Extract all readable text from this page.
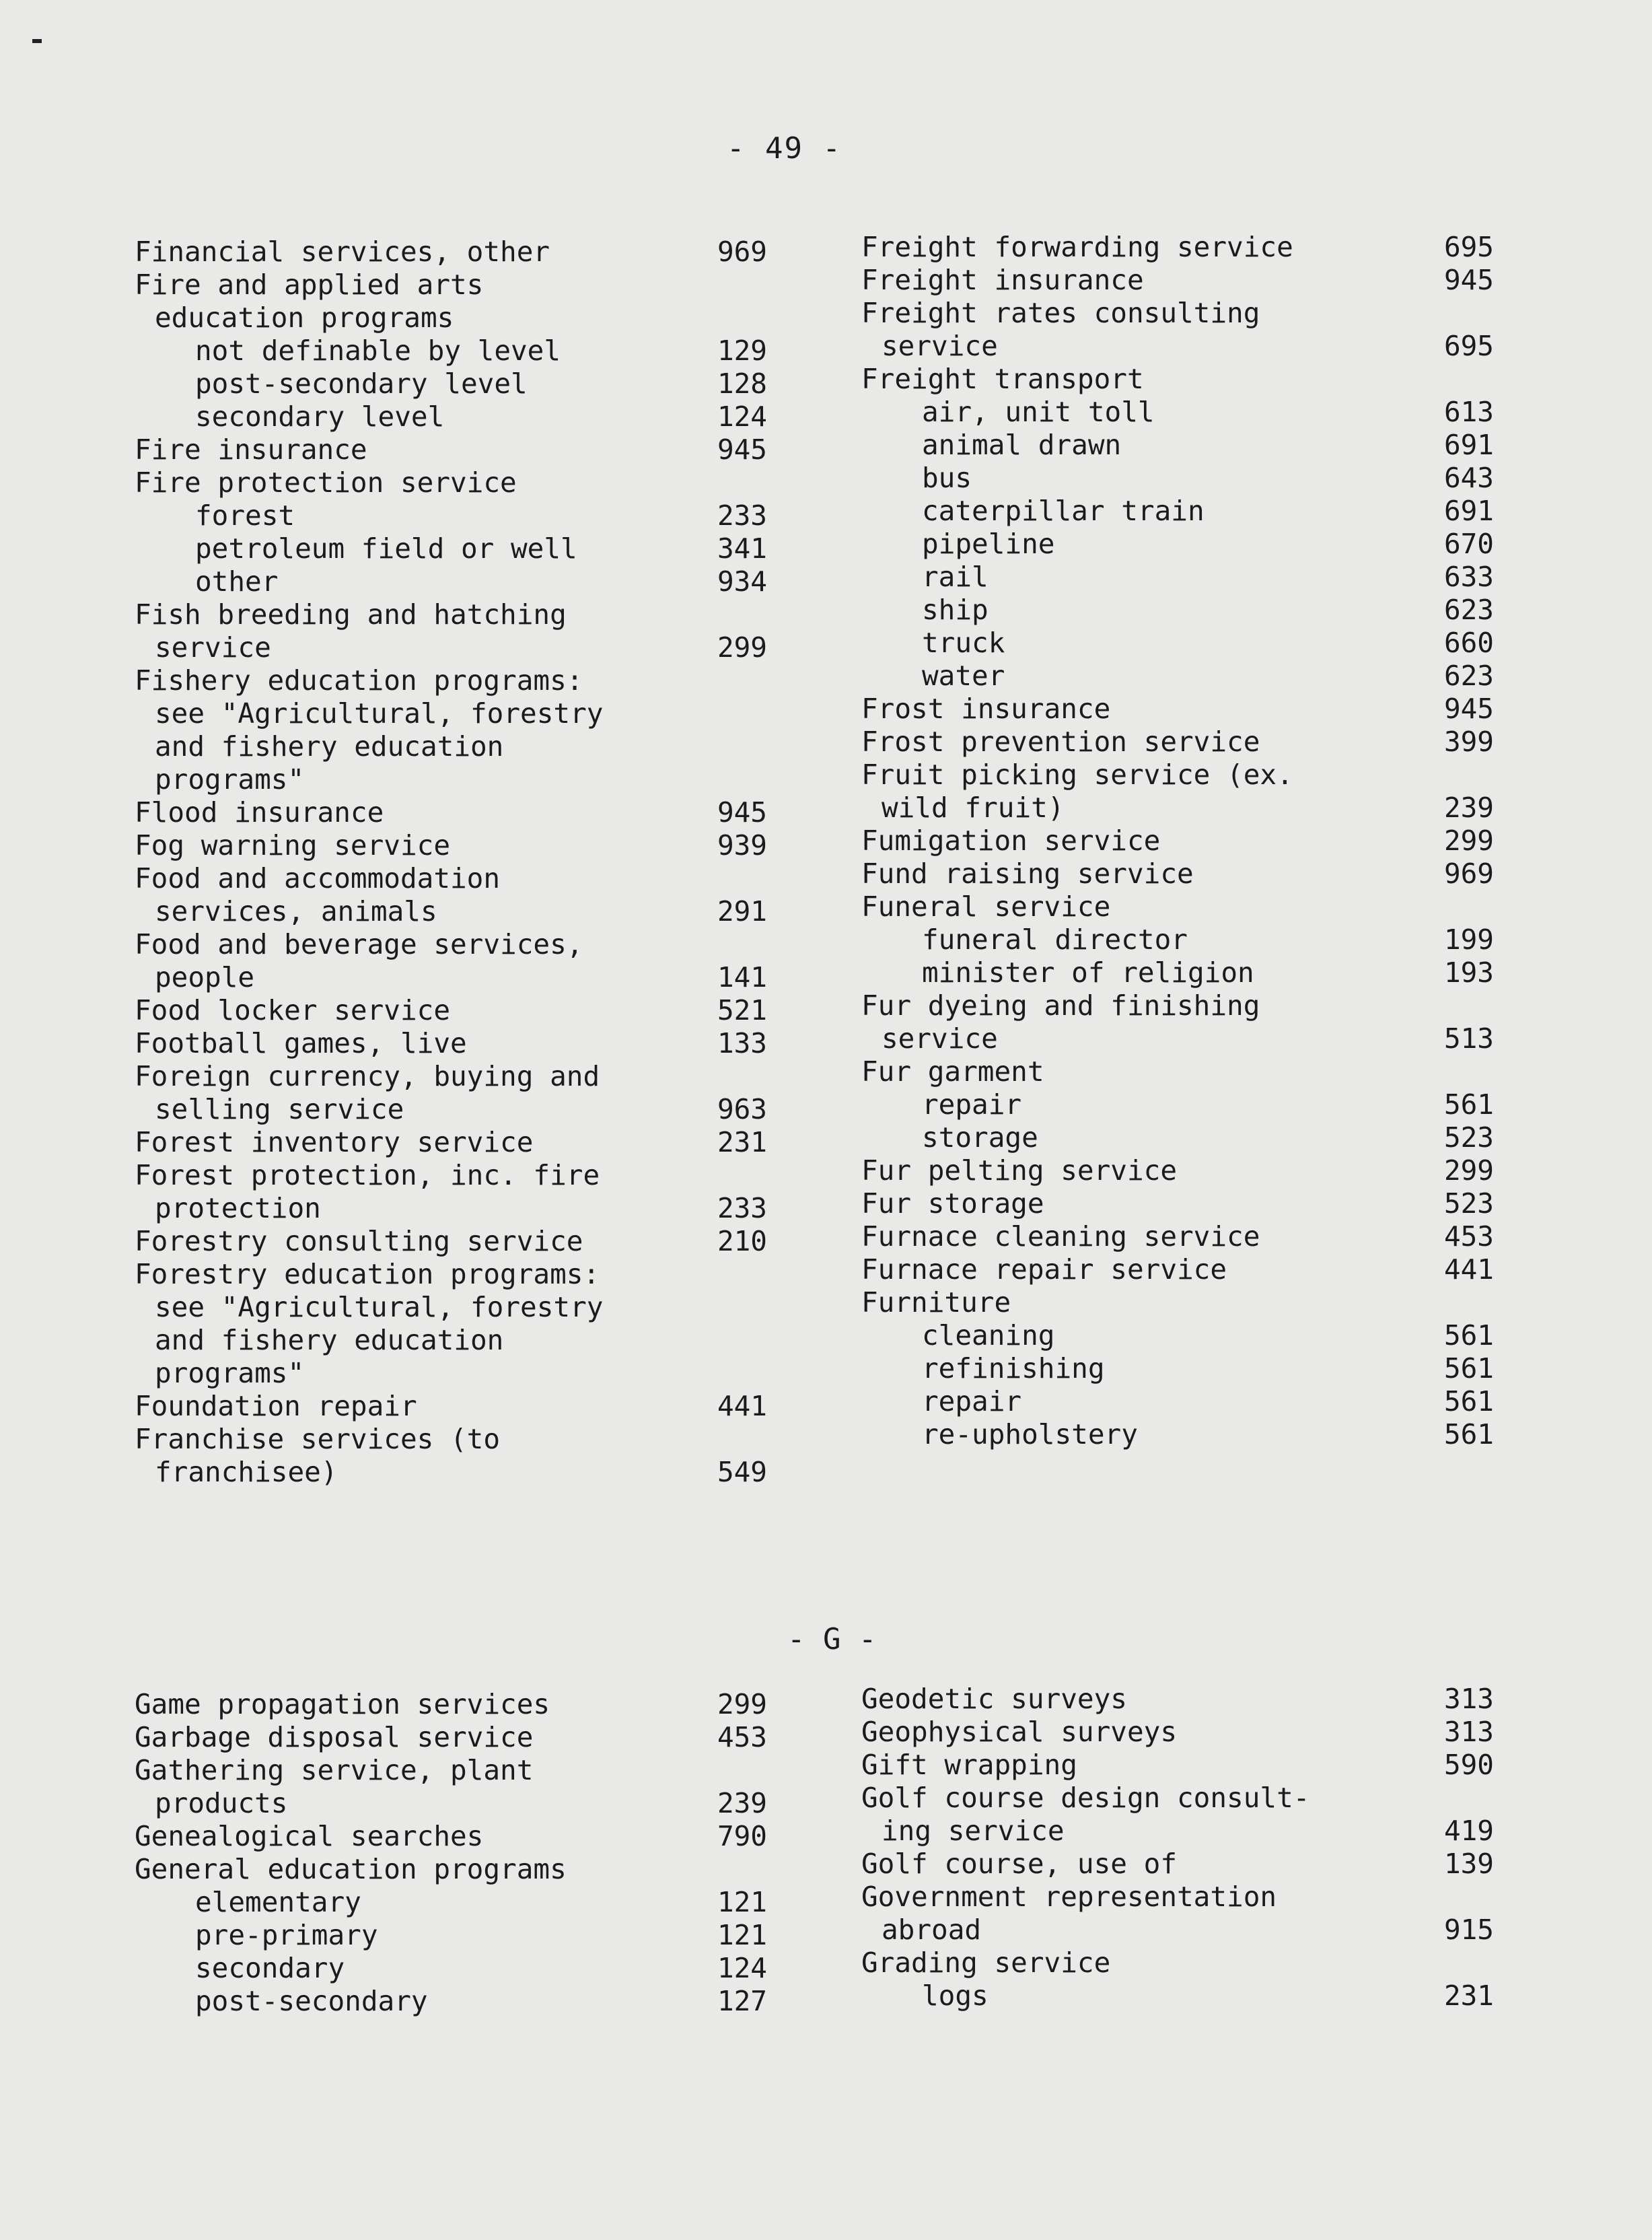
- 49 -
Financial services, other	969
Fire and applied arts
education programs
not definable by level	129
post-secondary level	128
secondary level	124
Fire insurance	945
Fire protection service
forest	233
petroleum field or well	341
other	934
Fish breeding and hatching
service	299
Fishery education programs:
see "Agricultural, forestry
and fishery education
programs"
Flood insurance	945
Fog warning service	939
Food and accommodation
services, animals	291
Food and beverage services,
people	141
Food locker service	521
Football games, live	133
Foreign currency, buying and
selling service	963
Forest inventory service	231
Forest protection, inc. fire
protection	233
Forestry consulting service	210
Forestry education programs:
see "Agricultural, forestry
and fishery education
programs"
Foundation repair	441
Franchise services (to
franchisee)	549
Freight forwarding service	695
Freight insurance	945
Freight rates consulting
service	695
Freight transport
air, unit toll	613
animal drawn	691
bus	643
caterpillar train	691
pipeline	670
rail	633
ship	623
truck	660
water	623
Frost insurance	945
Frost prevention service	399
Fruit picking service (ex.
wild fruit)	239
Fumigation service	299
Fund raising service	969
Funeral service
funeral director	199
minister of religion	193
Fur dyeing and finishing
service	513
Fur garment
repair	561
storage	523
Fur pelting service	299
Fur storage	523
Furnace cleaning service	453
Furnace repair service	441
Furniture
cleaning	561
refinishing	561
repair	561
re-upholstery	561
- G -
Game propagation services	299
Garbage disposal service	453
Gathering service, plant
products	239
Genealogical searches	790
General education programs
elementary	121
pre-primary	121
secondary	124
post-secondary	127
Geodetic surveys	313
Geophysical surveys	313
Gift wrapping	590
Golf course design consult-
ing service	419
Golf course, use of	139
Government representation
abroad	915
Grading service
logs	231
